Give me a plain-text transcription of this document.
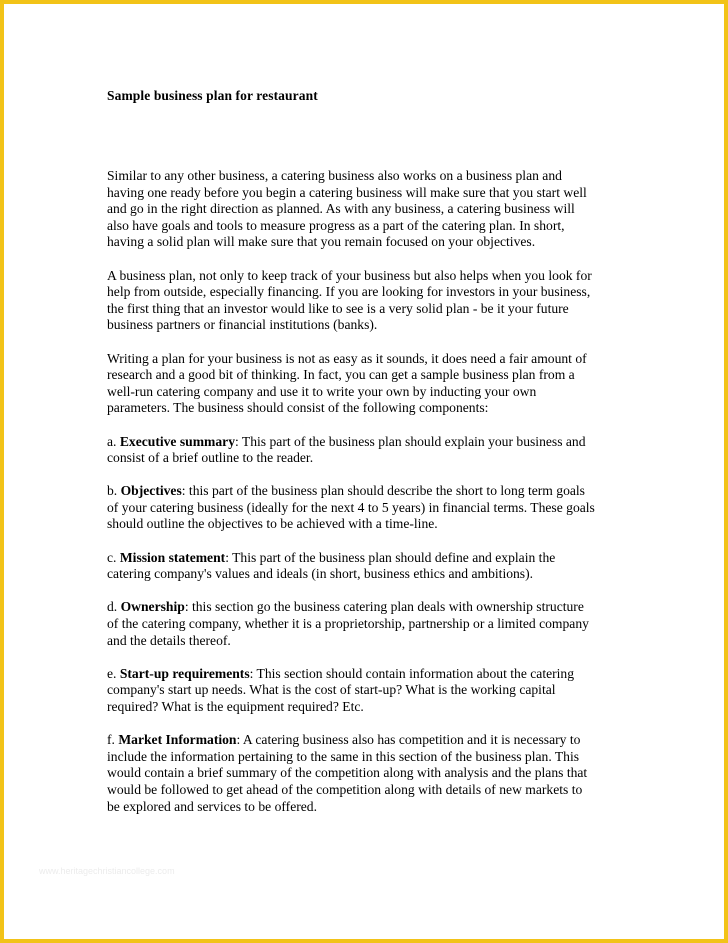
Sample business plan for restaurant

Similar to any other business, a catering business also works on a business plan and
having one ready before you begin a catering business will make sure that you start well
and go in the right direction as planned. As with any business, a catering business will
also have goals and tools to measure progress as a part of the catering plan. In short,
having a solid plan will make sure that you remain focused on your objectives.

A business plan, not only to keep track of your business but also helps when you look for
help from outside, especially financing. If you are looking for investors in your business,
the first thing that an investor would like to see is a very solid plan - be it your future
business partners or financial institutions (banks).

Writing a plan for your business is not as easy as it sounds, it does need a fair amount of
research and a good bit of thinking. In fact, you can get a sample business plan from a
well-run catering company and use it to write your own by inducting your own
parameters. The business should consist of the following components:

a. Executive summary: This part of the business plan should explain your business and
consist of a brief outline to the reader.

b. Objectives: this part of the business plan should describe the short to long term goals
of your catering business (ideally for the next 4 to 5 years) in financial terms. These goals
should outline the objectives to be achieved with a time-line.

c. Mission statement: This part of the business plan should define and explain the
catering company's values and ideals (in short, business ethics and ambitions).

d. Ownership: this section go the business catering plan deals with ownership structure
of the catering company, whether it is a proprietorship, partnership or a limited company
and the details thereof.

e. Start-up requirements: This section should contain information about the catering
company's start up needs. What is the cost of start-up? What is the working capital
required? What is the equipment required? Etc.

f. Market Information: A catering business also has competition and it is necessary to
include the information pertaining to the same in this section of the business plan. This
would contain a brief summary of the competition along with analysis and the plans that
would be followed to get ahead of the competition along with details of new markets to
be explored and services to be offered.

www.heritagechristiancollege.com
